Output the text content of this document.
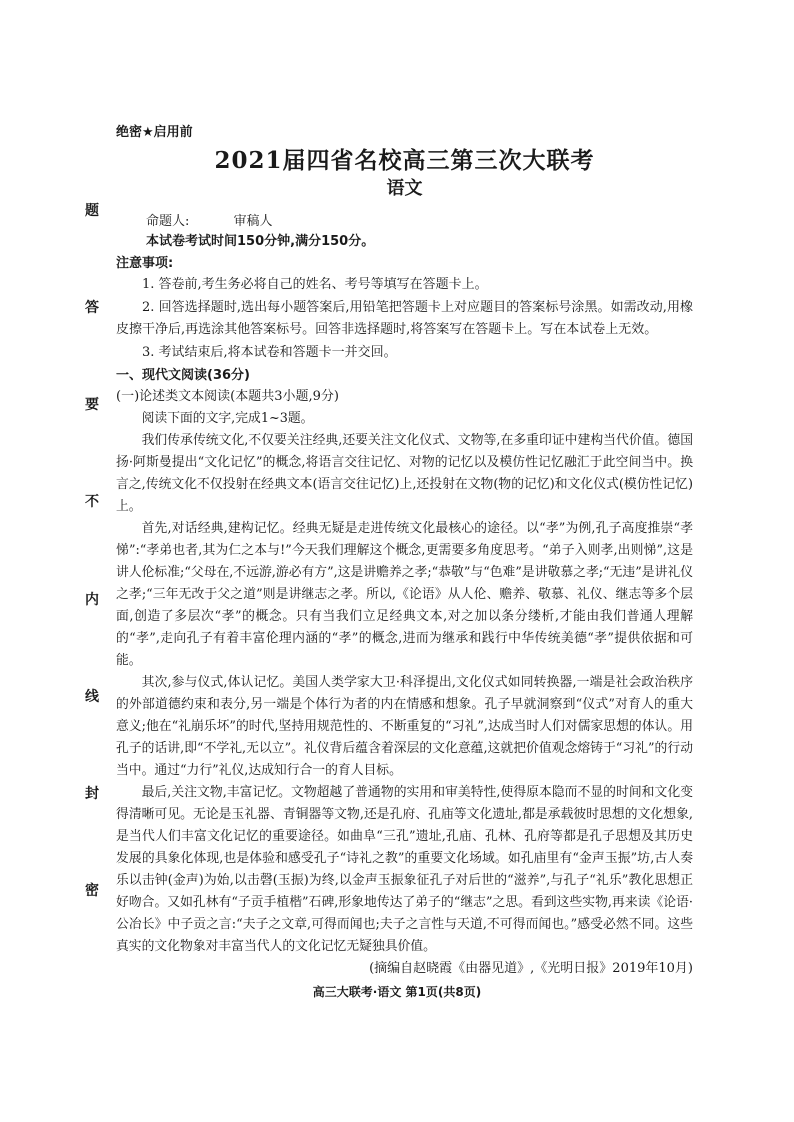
题
答
要
不
内
线
封
密

绝密★启用前

2021届四省名校高三第三次大联考
语文

命题人:	审稿人

本试卷考试时间150分钟,满分150分。

注意事项:

1. 答卷前,考生务必将自己的姓名、考号等填写在答题卡上。

2. 回答选择题时,选出每小题答案后,用铅笔把答题卡上对应题目的答案标号涂黑。如需改动,用橡皮擦干净后,再选涂其他答案标号。回答非选择题时,将答案写在答题卡上。写在本试卷上无效。

3. 考试结束后,将本试卷和答题卡一并交回。

一、现代文阅读(36分)

(一)论述类文本阅读(本题共3小题,9分)

阅读下面的文字,完成1~3题。

我们传承传统文化,不仅要关注经典,还要关注文化仪式、文物等,在多重印证中建构当代价值。德国扬·阿斯曼提出“文化记忆”的概念,将语言交往记忆、对物的记忆以及模仿性记忆融汇于此空间当中。换言之,传统文化不仅投射在经典文本(语言交往记忆)上,还投射在文物(物的记忆)和文化仪式(模仿性记忆)上。

首先,对话经典,建构记忆。经典无疑是走进传统文化最核心的途径。以“孝”为例,孔子高度推崇“孝悌”:“孝弟也者,其为仁之本与!”今天我们理解这个概念,更需要多角度思考。“弟子入则孝,出则悌”,这是讲人伦标准;“父母在,不远游,游必有方”,这是讲赡养之孝;“恭敬”与“色难”是讲敬慕之孝;“无违”是讲礼仪之孝;“三年无改于父之道”则是讲继志之孝。所以,《论语》从人伦、赡养、敬慕、礼仪、继志等多个层面,创造了多层次“孝”的概念。只有当我们立足经典文本,对之加以条分缕析,才能由我们普通人理解的“孝”,走向孔子有着丰富伦理内涵的“孝”的概念,进而为继承和践行中华传统美德“孝”提供依据和可能。

其次,参与仪式,体认记忆。美国人类学家大卫·科泽提出,文化仪式如同转换器,一端是社会政治秩序的外部道德约束和表分,另一端是个体行为者的内在情感和想象。孔子早就洞察到“仪式”对育人的重大意义;他在“礼崩乐坏”的时代,坚持用规范性的、不断重复的“习礼”,达成当时人们对儒家思想的体认。用孔子的话讲,即“不学礼,无以立”。礼仪背后蕴含着深层的文化意蕴,这就把价值观念熔铸于“习礼”的行动当中。通过“力行”礼仪,达成知行合一的育人目标。

最后,关注文物,丰富记忆。文物超越了普通物的实用和审美特性,使得原本隐而不显的时间和文化变得清晰可见。无论是玉礼器、青铜器等文物,还是孔府、孔庙等文化遗址,都是承载彼时思想的文化想象,是当代人们丰富文化记忆的重要途径。如曲阜“三孔”遗址,孔庙、孔林、孔府等都是孔子思想及其历史发展的具象化体现,也是体验和感受孔子“诗礼之教”的重要文化场域。如孔庙里有“金声玉振”坊,古人奏乐以击钟(金声)为始,以击磬(玉振)为终,以金声玉振象征孔子对后世的“滋养”,与孔子“礼乐”教化思想正好吻合。又如孔林有“子贡手植楷”石碑,形象地传达了弟子的“继志”之思。看到这些实物,再来读《论语·公冶长》中子贡之言:“夫子之文章,可得而闻也;夫子之言性与天道,不可得而闻也。”感受必然不同。这些真实的文化物象对丰富当代人的文化记忆无疑独具价值。

(摘编自赵晓霞《由器见道》,《光明日报》2019年10月)

高三大联考·语文 第1页(共8页)
